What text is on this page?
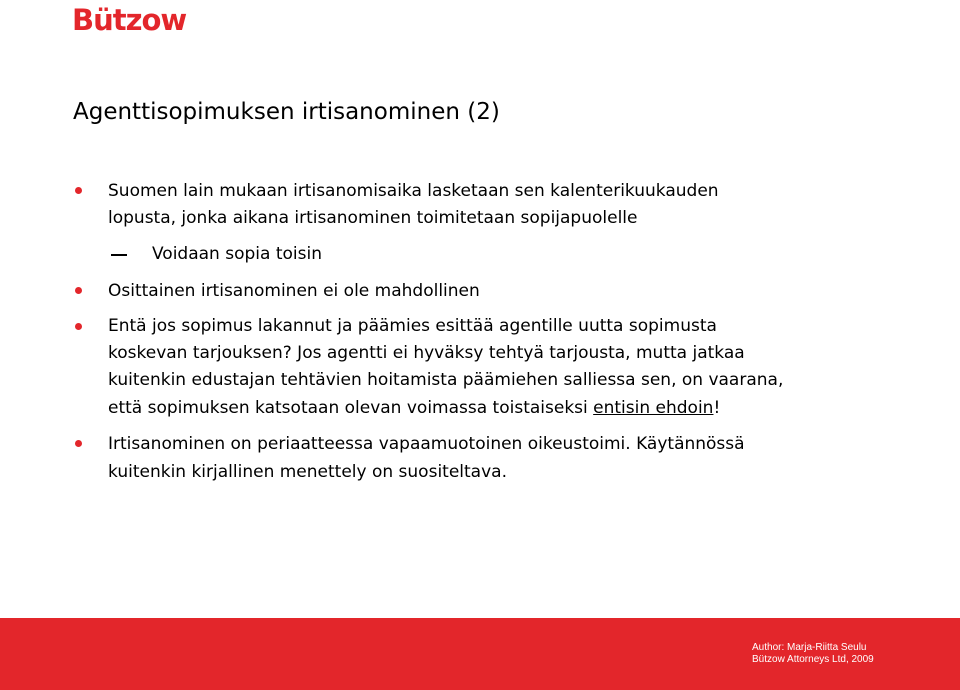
Bützow
Agenttisopimuksen irtisanominen (2)
Suomen lain mukaan irtisanomisaika lasketaan sen kalenterikuukauden
lopusta, jonka aikana irtisanominen toimitetaan sopijapuolelle
Voidaan sopia toisin
Osittainen irtisanominen ei ole mahdollinen
Entä jos sopimus lakannut ja päämies esittää agentille uutta sopimusta
koskevan tarjouksen? Jos agentti ei hyväksy tehtyä tarjousta, mutta jatkaa
kuitenkin edustajan tehtävien hoitamista päämiehen salliessa sen, on vaarana,
että sopimuksen katsotaan olevan voimassa toistaiseksi entisin ehdoin!
Irtisanominen on periaatteessa vapaamuotoinen oikeustoimi. Käytännössä
kuitenkin kirjallinen menettely on suositeltava.
Author: Marja-Riitta Seulu
Bützow Attorneys Ltd, 2009
